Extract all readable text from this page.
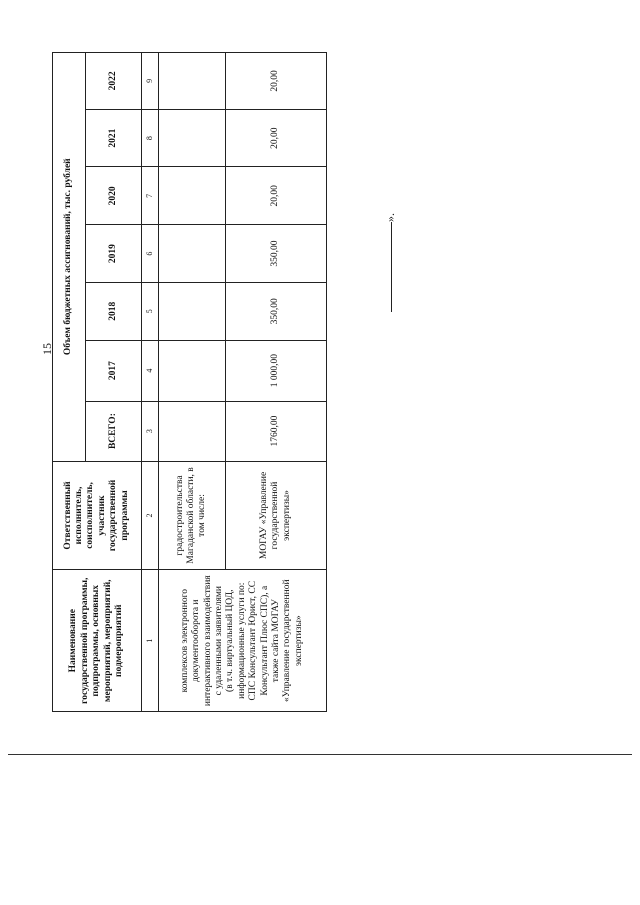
15
».
Наименование государственной программы, подпрограммы, основных мероприятий, мероприятий, подмероприятий	Ответственный исполнитель, соисполнитель, участник государственной программы	Объем бюджетных ассигнований, тыс. рублей						
		ВСЕГО:	2017	2018	2019	2020	2021	2022
1	2	3	4	5	6	7	8	9

комплексов электронного документооборота и интерактивного взаимодействия с удаленными заявителями (в т.ч. виртуальный ЦОД, информационные услуги по: СПС Консультант Юрист, СС Консультант Плюс СПС), а также сайта МОГАУ «Управление государственной экспертизы»	градостроительства Магаданской области, в том числе:							
	МОГАУ «Управление государственной экспертизы»	1760,00	1 000,00	350,00	350,00	20,00	20,00	20,00
